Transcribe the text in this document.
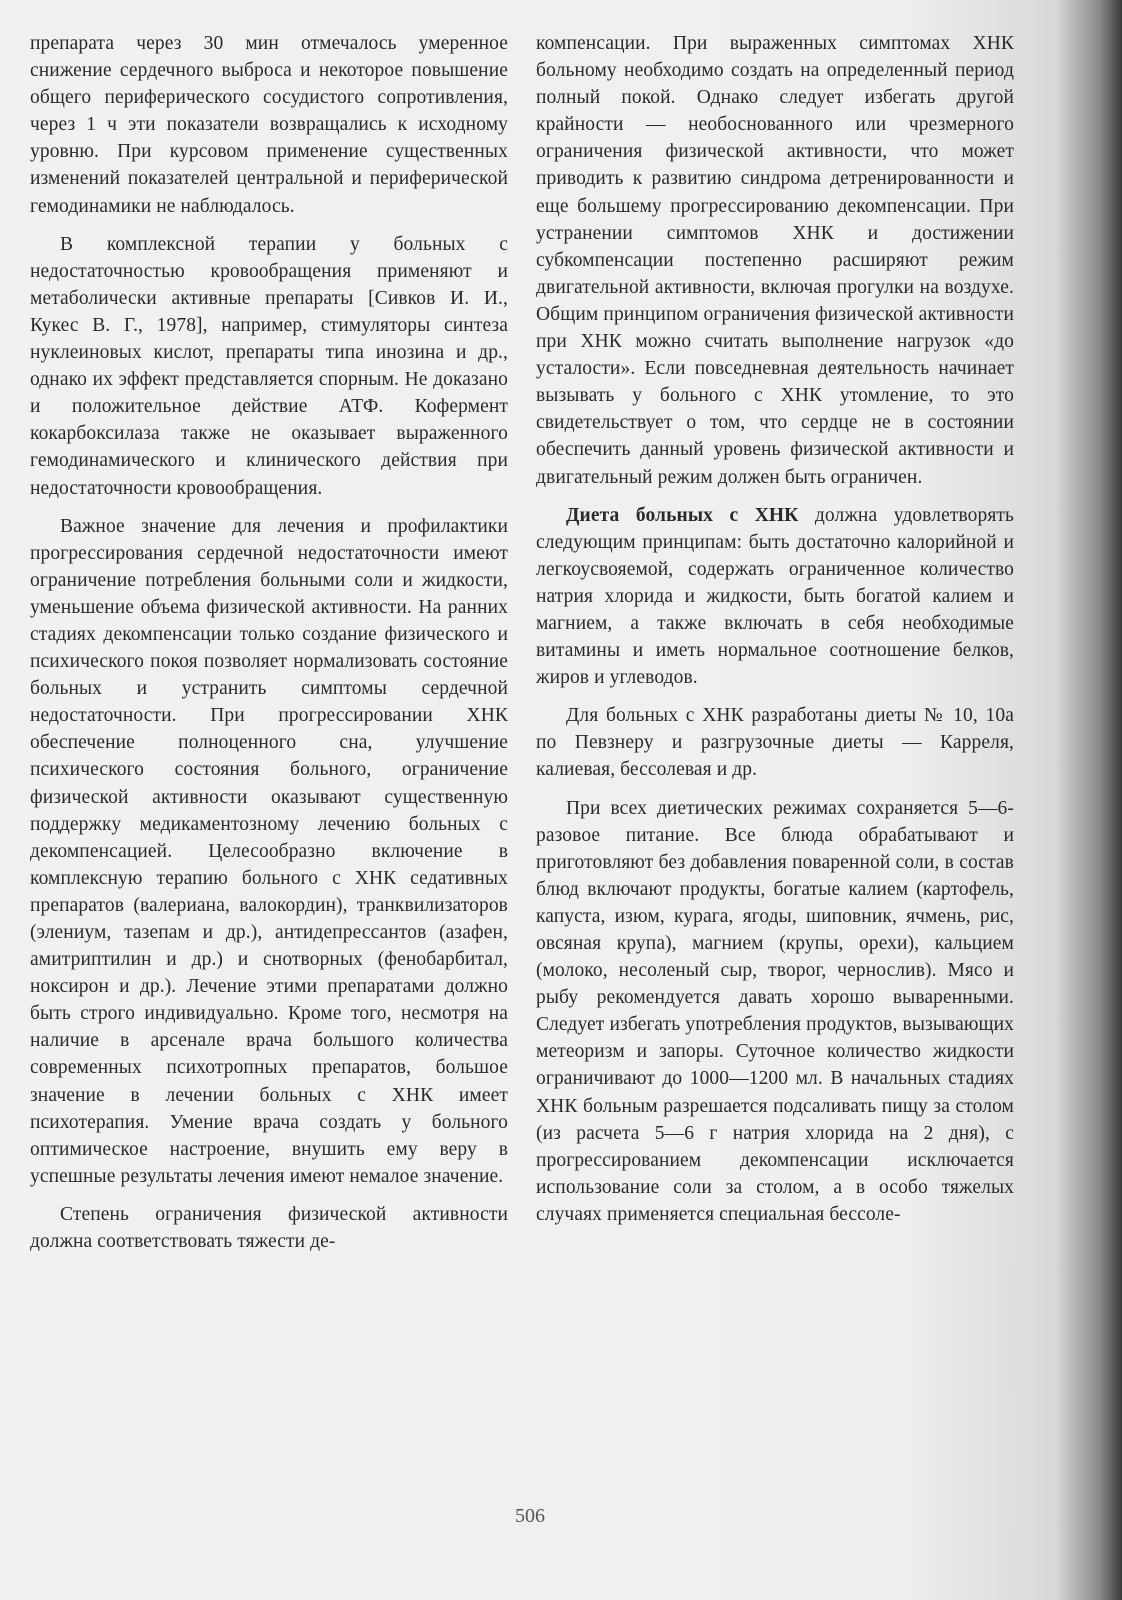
препарата через 30 мин отмечалось умеренное снижение сердечного выброса и некоторое повышение общего периферического сосудистого сопротивления, через 1 ч эти показатели возвращались к исходному уровню. При курсовом применение существенных изменений показателей центральной и периферической гемодинамики не наблюдалось.

В комплексной терапии у больных с недостаточностью кровообращения применяют и метаболически активные препараты [Сивков И. И., Кукес В. Г., 1978], например, стимуляторы синтеза нуклеиновых кислот, препараты типа инозина и др., однако их эффект представляется спорным. Не доказано и положительное действие АТФ. Кофермент кокарбоксилаза также не оказывает выраженного гемодинамического и клинического действия при недостаточности кровообращения.

Важное значение для лечения и профилактики прогрессирования сердечной недостаточности имеют ограничение потребления больными соли и жидкости, уменьшение объема физической активности. На ранних стадиях декомпенсации только создание физического и психического покоя позволяет нормализовать состояние больных и устранить симптомы сердечной недостаточности. При прогрессировании ХНК обеспечение полноценного сна, улучшение психического состояния больного, ограничение физической активности оказывают существенную поддержку медикаментозному лечению больных с декомпенсацией. Целесообразно включение в комплексную терапию больного с ХНК седативных препаратов (валериана, валокордин), транквилизаторов (элениум, тазепам и др.), антидепрессантов (азафен, амитриптилин и др.) и снотворных (фенобарбитал, ноксирон и др.). Лечение этими препаратами должно быть строго индивидуально. Кроме того, несмотря на наличие в арсенале врача большого количества современных психотропных препаратов, большое значение в лечении больных с ХНК имеет психотерапия. Умение врача создать у больного оптимическое настроение, внушить ему веру в успешные результаты лечения имеют немалое значение.

Степень ограничения физической активности должна соответствовать тяжести де-

компенсации. При выраженных симптомах ХНК больному необходимо создать на определенный период полный покой. Однако следует избегать другой крайности — необоснованного или чрезмерного ограничения физической активности, что может приводить к развитию синдрома детренированности и еще большему прогрессированию декомпенсации. При устранении симптомов ХНК и достижении субкомпенсации постепенно расширяют режим двигательной активности, включая прогулки на воздухе. Общим принципом ограничения физической активности при ХНК можно считать выполнение нагрузок «до усталости». Если повседневная деятельность начинает вызывать у больного с ХНК утомление, то это свидетельствует о том, что сердце не в состоянии обеспечить данный уровень физической активности и двигательный режим должен быть ограничен.

Диета больных с ХНК должна удовлетворять следующим принципам: быть достаточно калорийной и легкоусвояемой, содержать ограниченное количество натрия хлорида и жидкости, быть богатой калием и магнием, а также включать в себя необходимые витамины и иметь нормальное соотношение белков, жиров и углеводов.

Для больных с ХНК разработаны диеты № 10, 10а по Певзнеру и разгрузочные диеты — Карреля, калиевая, бессолевая и др.

При всех диетических режимах сохраняется 5—6-разовое питание. Все блюда обрабатывают и приготовляют без добавления поваренной соли, в состав блюд включают продукты, богатые калием (картофель, капуста, изюм, курага, ягоды, шиповник, ячмень, рис, овсяная крупа), магнием (крупы, орехи), кальцием (молоко, несоленый сыр, творог, чернослив). Мясо и рыбу рекомендуется давать хорошо вываренными. Следует избегать употребления продуктов, вызывающих метеоризм и запоры. Суточное количество жидкости ограничивают до 1000—1200 мл. В начальных стадиях ХНК больным разрешается подсаливать пищу за столом (из расчета 5—6 г натрия хлорида на 2 дня), с прогрессированием декомпенсации исключается использование соли за столом, а в особо тяжелых случаях применяется специальная бессоле-

506
